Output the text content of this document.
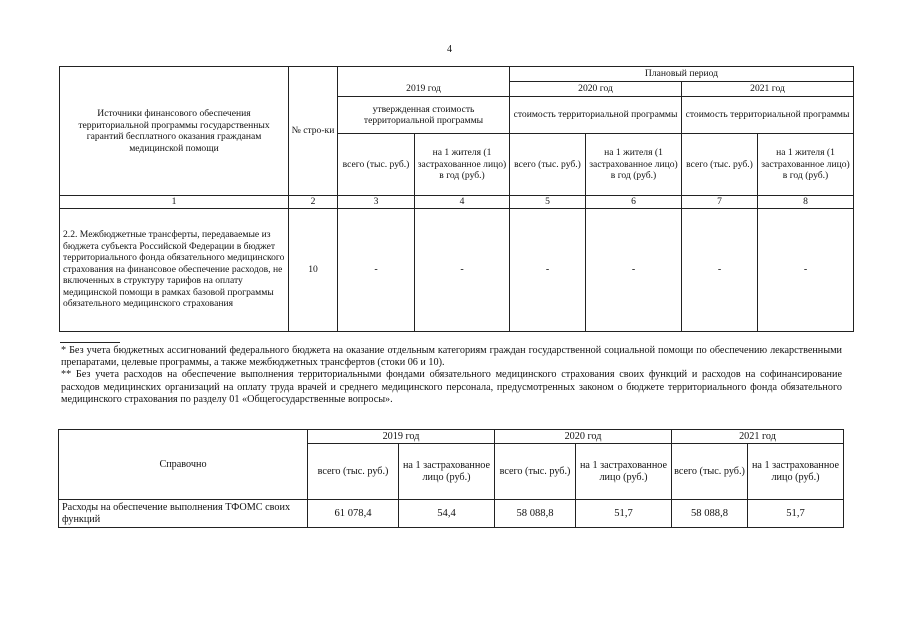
4
Источники финансового обеспечения территориальной программы государственных гарантий бесплатного оказания гражданам медицинской помощи	№ стро-ки			Плановый период			
		2019 год		2020 год		2021 год	
		утвержденная стоимость территориальной программы		стоимость территориальной программы		стоимость территориальной программы	
		всего (тыс. руб.)	на 1 жителя (1 застрахованное лицо) в год (руб.)	всего (тыс. руб.)	на 1 жителя (1 застрахованное лицо) в год (руб.)	всего (тыс. руб.)	на 1 жителя (1 застрахованное лицо) в год (руб.)
1	2	3	4	5	6	7	8
2.2. Межбюджетные трансферты, передаваемые из бюджета субъекта Российской Федерации в бюджет территориального фонда обязательного медицинского страхования на финансовое обеспечение расходов, не включенных в структуру тарифов на оплату медицинской помощи в рамках базовой программы обязательного медицинского страхования	10	-	-	-	-	-	-

* Без учета бюджетных ассигнований федерального бюджета на оказание отдельным категориям граждан государственной социальной помощи по обеспечению лекарственными препаратами, целевые программы, а также межбюджетных трансфертов (стоки 06 и 10).

** Без учета расходов на обеспечение выполнения территориальными фондами обязательного медицинского страхования своих функций и расходов на софинансирование расходов медицинских организаций на оплату труда врачей и среднего медицинского персонала, предусмотренных законом о бюджете территориального фонда обязательного медицинского страхования по разделу 01 «Общегосударственные вопросы».

Справочно	2019 год		2020 год		2021 год	
	всего (тыс. руб.)	на 1 застрахованное лицо (руб.)	всего (тыс. руб.)	на 1 застрахованное лицо (руб.)	всего (тыс. руб.)	на 1 застрахованное лицо (руб.)
Расходы на обеспечение выполнения ТФОМС своих функций	61 078,4	54,4	58 088,8	51,7	58 088,8	51,7
